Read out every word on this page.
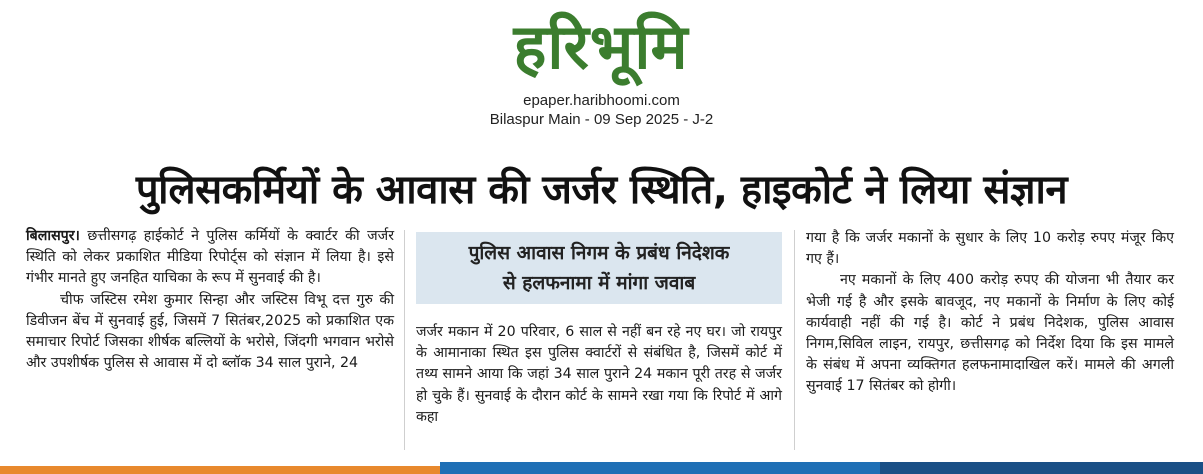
हरिभूमि
epaper.haribhoomi.com
Bilaspur Main - 09 Sep 2025 - J-2
पुलिसकर्मियों के आवास की जर्जर स्थिति, हाइकोर्ट ने लिया संज्ञान

बिलासपुर। छत्तीसगढ़ हाईकोर्ट ने पुलिस कर्मियों के क्वार्टर की जर्जर स्थिति को लेकर प्रकाशित मीडिया रिपोर्ट्स को संज्ञान में लिया है। इसे गंभीर मानते हुए जनहित याचिका के रूप में सुनवाई की है।

चीफ जस्टिस रमेश कुमार सिन्हा और जस्टिस विभू दत्त गुरु की डिवीजन बेंच में सुनवाई हुई, जिसमें 7 सितंबर,2025 को प्रकाशित एक समाचार रिपोर्ट जिसका शीर्षक बल्लियों के भरोसे, जिंदगी भगवान भरोसे और उपशीर्षक पुलिस से आवास में दो ब्लॉक 34 साल पुराने, 24

पुलिस आवास निगम के प्रबंध निदेशक
से हलफनामा में मांगा जवाब

जर्जर मकान में 20 परिवार, 6 साल से नहीं बन रहे नए घर। जो रायपुर के आमानाका स्थित इस पुलिस क्वार्टरों से संबंधित है, जिसमें कोर्ट में तथ्य सामने आया कि जहां 34 साल पुराने 24 मकान पूरी तरह से जर्जर हो चुके हैं। सुनवाई के दौरान कोर्ट के सामने रखा गया कि रिपोर्ट में आगे कहा

गया है कि जर्जर मकानों के सुधार के लिए 10 करोड़ रुपए मंजूर किए गए हैं।

नए मकानों के लिए 400 करोड़ रुपए की योजना भी तैयार कर भेजी गई है और इसके बावजूद, नए मकानों के निर्माण के लिए कोई कार्यवाही नहीं की गई है। कोर्ट ने प्रबंध निदेशक, पुलिस आवास निगम,सिविल लाइन, रायपुर, छत्तीसगढ़ को निर्देश दिया कि इस मामले के संबंध में अपना व्यक्तिगत हलफनामादाखिल करें। मामले की अगली सुनवाई 17 सितंबर को होगी।
